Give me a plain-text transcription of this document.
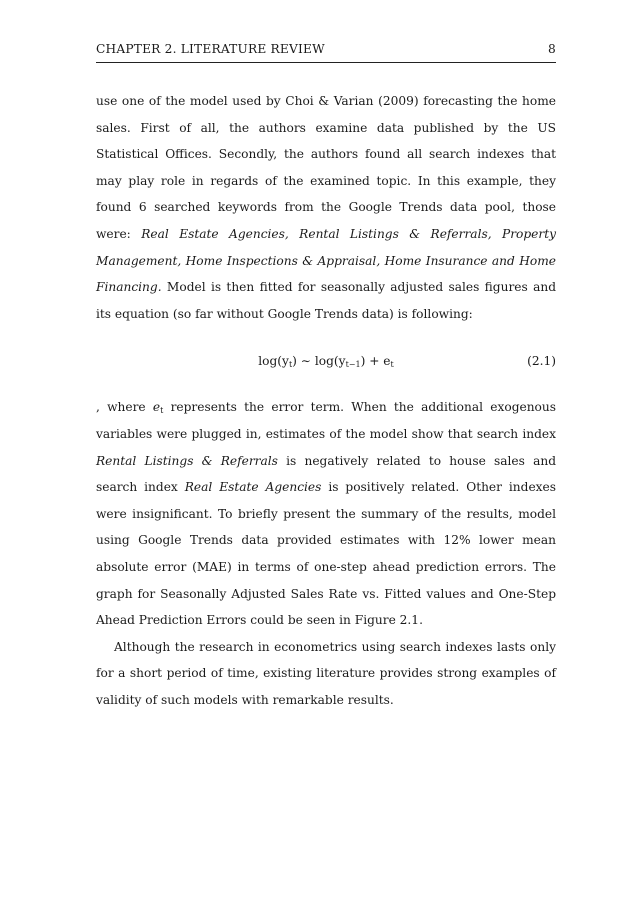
CHAPTER 2. LITERATURE REVIEW	8

use one of the model used by Choi & Varian (2009) forecasting the home sales. First of all, the authors examine data published by the US Statistical Offices. Secondly, the authors found all search indexes that may play role in regards of the examined topic. In this example, they found 6 searched keywords from the Google Trends data pool, those were: Real Estate Agencies, Rental Listings & Referrals, Property Management, Home Inspections & Appraisal, Home Insurance and Home Financing. Model is then fitted for seasonally adjusted sales figures and its equation (so far without Google Trends data) is following:

$\log(y_t)$ ∼ $\log(y_{t-1}) + e_t$	(2.1)

, where $e_t$ represents the error term. When the additional exogenous variables were plugged in, estimates of the model show that search index Rental Listings & Referrals is negatively related to house sales and search index Real Estate Agencies is positively related. Other indexes were insignificant. To briefly present the summary of the results, model using Google Trends data provided estimates with 12% lower mean absolute error (MAE) in terms of one-step ahead prediction errors. The graph for Seasonally Adjusted Sales Rate vs. Fitted values and One-Step Ahead Prediction Errors could be seen in Figure 2.1.

Although the research in econometrics using search indexes lasts only for a short period of time, existing literature provides strong examples of validity of such models with remarkable results.
